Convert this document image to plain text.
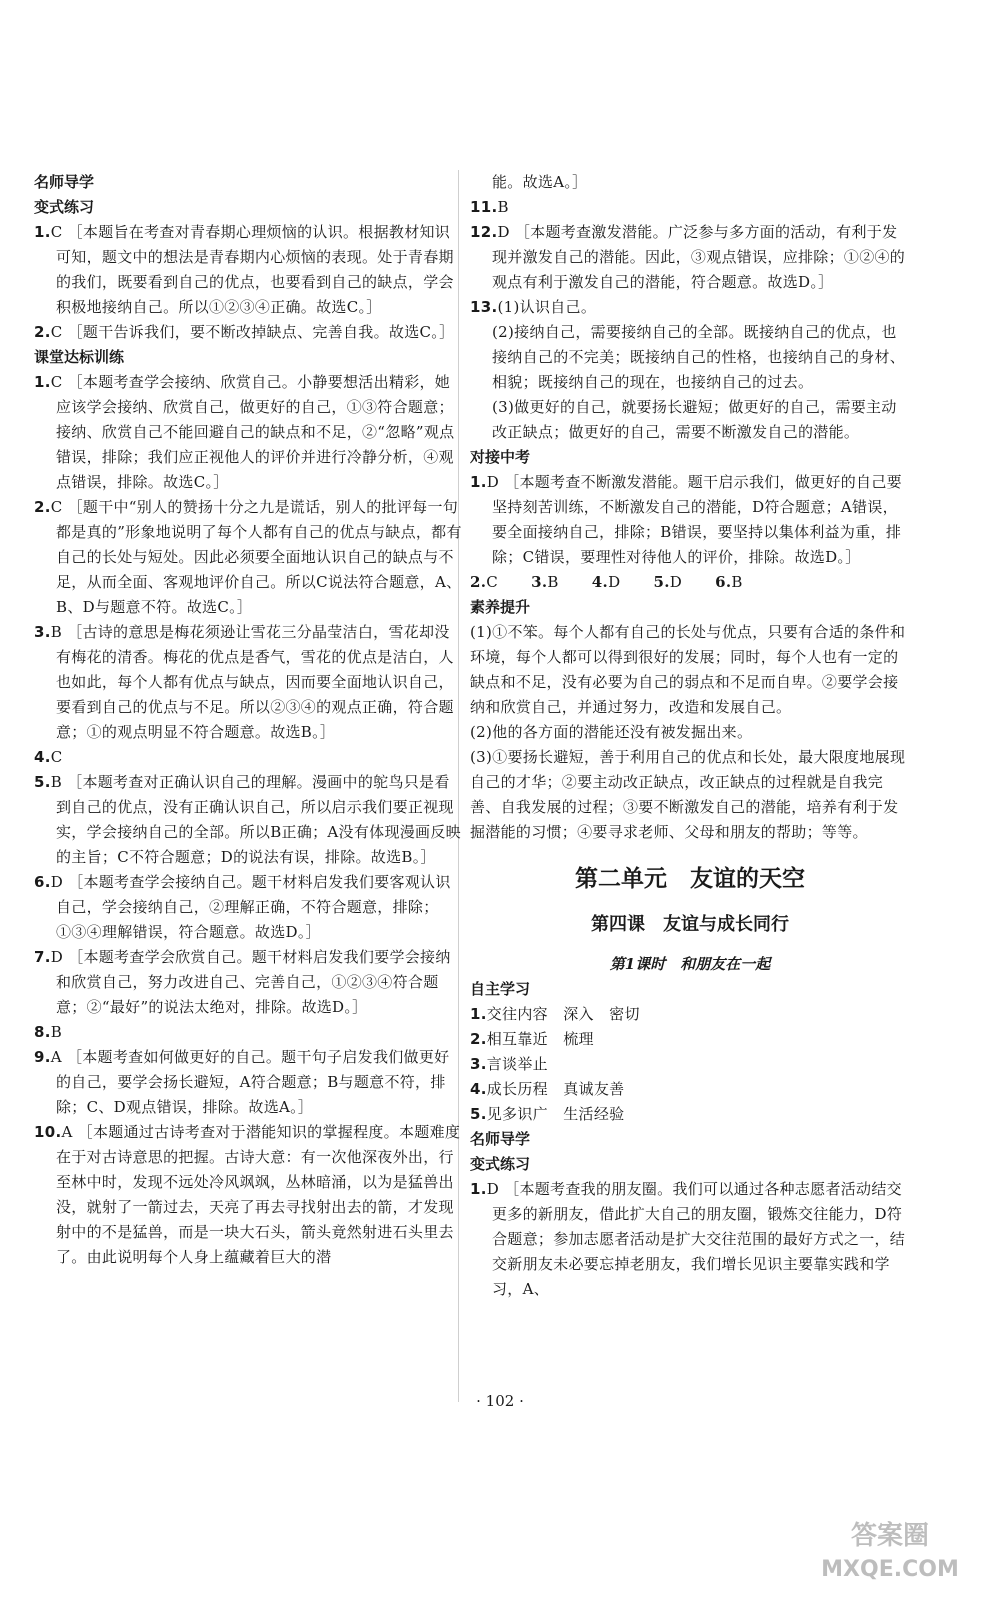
名师导学
变式练习
1.C ［本题旨在考查对青春期心理烦恼的认识。根据教材知识可知，题文中的想法是青春期内心烦恼的表现。处于青春期的我们，既要看到自己的优点，也要看到自己的缺点，学会积极地接纳自己。所以①②③④正确。故选C。］
2.C ［题干告诉我们，要不断改掉缺点、完善自我。故选C。］
课堂达标训练
1.C ［本题考查学会接纳、欣赏自己。小静要想活出精彩，她应该学会接纳、欣赏自己，做更好的自己，①③符合题意；接纳、欣赏自己不能回避自己的缺点和不足，②“忽略”观点错误，排除；我们应正视他人的评价并进行冷静分析，④观点错误，排除。故选C。］
2.C ［题干中“别人的赞扬十分之九是谎话，别人的批评每一句都是真的”形象地说明了每个人都有自己的优点与缺点，都有自己的长处与短处。因此必须要全面地认识自己的缺点与不足，从而全面、客观地评价自己。所以C说法符合题意，A、B、D与题意不符。故选C。］
3.B ［古诗的意思是梅花须逊让雪花三分晶莹洁白，雪花却没有梅花的清香。梅花的优点是香气，雪花的优点是洁白，人也如此，每个人都有优点与缺点，因而要全面地认识自己，要看到自己的优点与不足。所以②③④的观点正确，符合题意；①的观点明显不符合题意。故选B。］
4.C
5.B ［本题考查对正确认识自己的理解。漫画中的鸵鸟只是看到自己的优点，没有正确认识自己，所以启示我们要正视现实，学会接纳自己的全部。所以B正确；A没有体现漫画反映的主旨；C不符合题意；D的说法有误，排除。故选B。］
6.D ［本题考查学会接纳自己。题干材料启发我们要客观认识自己，学会接纳自己，②理解正确，不符合题意，排除；①③④理解错误，符合题意。故选D。］
7.D ［本题考查学会欣赏自己。题干材料启发我们要学会接纳和欣赏自己，努力改进自己、完善自己，①②③④符合题意；②“最好”的说法太绝对，排除。故选D。］
8.B
9.A ［本题考查如何做更好的自己。题干句子启发我们做更好的自己，要学会扬长避短，A符合题意；B与题意不符，排除；C、D观点错误，排除。故选A。］
10.A ［本题通过古诗考查对于潜能知识的掌握程度。本题难度在于对古诗意思的把握。古诗大意：有一次他深夜外出，行至林中时，发现不远处冷风飒飒，丛林暗涌，以为是猛兽出没，就射了一箭过去，天亮了再去寻找射出去的箭，才发现射中的不是猛兽，而是一块大石头，箭头竟然射进石头里去了。由此说明每个人身上蕴藏着巨大的潜
能。故选A。］
11.B
12.D ［本题考查激发潜能。广泛参与多方面的活动，有利于发现并激发自己的潜能。因此，③观点错误，应排除；①②④的观点有利于激发自己的潜能，符合题意。故选D。］
13.(1)认识自己。
(2)接纳自己，需要接纳自己的全部。既接纳自己的优点，也接纳自己的不完美；既接纳自己的性格，也接纳自己的身材、相貌；既接纳自己的现在，也接纳自己的过去。
(3)做更好的自己，就要扬长避短；做更好的自己，需要主动改正缺点；做更好的自己，需要不断激发自己的潜能。
对接中考
1.D ［本题考查不断激发潜能。题干启示我们，做更好的自己要坚持刻苦训练，不断激发自己的潜能，D符合题意；A错误，要全面接纳自己，排除；B错误，要坚持以集体利益为重，排除；C错误，要理性对待他人的评价，排除。故选D。］
2.C 3.B 4.D 5.D 6.B
素养提升
(1)①不笨。每个人都有自己的长处与优点，只要有合适的条件和环境，每个人都可以得到很好的发展；同时，每个人也有一定的缺点和不足，没有必要为自己的弱点和不足而自卑。②要学会接纳和欣赏自己，并通过努力，改造和发展自己。
(2)他的各方面的潜能还没有被发掘出来。
(3)①要扬长避短，善于利用自己的优点和长处，最大限度地展现自己的才华；②要主动改正缺点，改正缺点的过程就是自我完善、自我发展的过程；③要不断激发自己的潜能，培养有利于发掘潜能的习惯；④要寻求老师、父母和朋友的帮助；等等。
第二单元　友谊的天空
第四课　友谊与成长同行
第1课时　和朋友在一起
自主学习
1.交往内容　深入　密切
2.相互靠近　梳理
3.言谈举止
4.成长历程　真诚友善
5.见多识广　生活经验
名师导学
变式练习
1.D ［本题考查我的朋友圈。我们可以通过各种志愿者活动结交更多的新朋友，借此扩大自己的朋友圈，锻炼交往能力，D符合题意；参加志愿者活动是扩大交往范围的最好方式之一，结交新朋友未必要忘掉老朋友，我们增长见识主要靠实践和学习，A、
· 102 ·
答案圈
MXQE.COM
